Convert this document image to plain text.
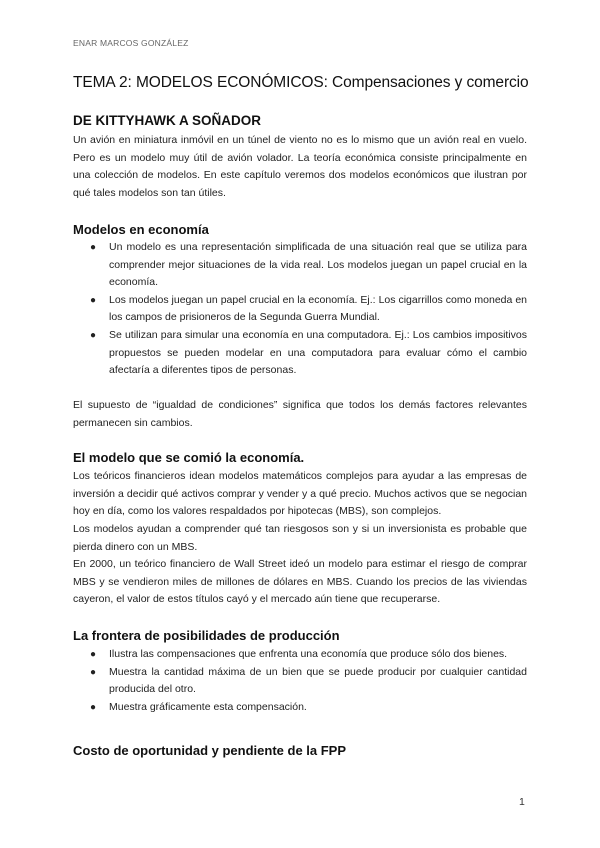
ENAR MARCOS GONZÁLEZ
TEMA 2: MODELOS ECONÓMICOS: Compensaciones y comercio
DE KITTYHAWK A SOÑADOR

Un avión en miniatura inmóvil en un túnel de viento no es lo mismo que un avión real en vuelo. Pero es un modelo muy útil de avión volador. La teoría económica consiste principalmente en una colección de modelos. En este capítulo veremos dos modelos económicos que ilustran por qué tales modelos son tan útiles.

Modelos en economía
● Un modelo es una representación simplificada de una situación real que se utiliza para comprender mejor situaciones de la vida real. Los modelos juegan un papel crucial en la economía.
● Los modelos juegan un papel crucial en la economía. Ej.: Los cigarrillos como moneda en los campos de prisioneros de la Segunda Guerra Mundial.
● Se utilizan para simular una economía en una computadora. Ej.: Los cambios impositivos propuestos se pueden modelar en una computadora para evaluar cómo el cambio afectaría a diferentes tipos de personas.

El supuesto de “igualdad de condiciones” significa que todos los demás factores relevantes permanecen sin cambios.

El modelo que se comió la economía.

Los teóricos financieros idean modelos matemáticos complejos para ayudar a las empresas de inversión a decidir qué activos comprar y vender y a qué precio. Muchos activos que se negocian hoy en día, como los valores respaldados por hipotecas (MBS), son complejos.

Los modelos ayudan a comprender qué tan riesgosos son y si un inversionista es probable que pierda dinero con un MBS.

En 2000, un teórico financiero de Wall Street ideó un modelo para estimar el riesgo de comprar MBS y se vendieron miles de millones de dólares en MBS. Cuando los precios de las viviendas cayeron, el valor de estos títulos cayó y el mercado aún tiene que recuperarse.

La frontera de posibilidades de producción
● Ilustra las compensaciones que enfrenta una economía que produce sólo dos bienes.
● Muestra la cantidad máxima de un bien que se puede producir por cualquier cantidad producida del otro.
● Muestra gráficamente esta compensación.
Costo de oportunidad y pendiente de la FPP
1
